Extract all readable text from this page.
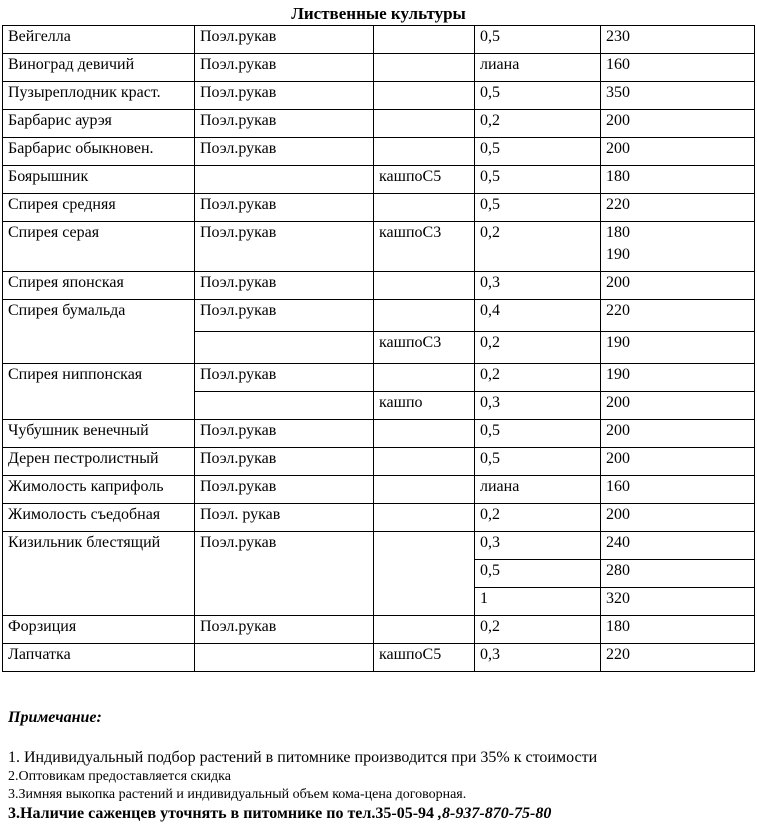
Лиственные культуры
Вейгелла	Поэл.рукав		0,5	230
Виноград девичий	Поэл.рукав		лиана	160
Пузыреплодник краст.	Поэл.рукав		0,5	350
Барбарис аурэя	Поэл.рукав		0,2	200
Барбарис обыкновен.	Поэл.рукав		0,5	200
Боярышник		кашпоС5	0,5	180
Спирея средняя	Поэл.рукав		0,5	220
Спирея серая	Поэл.рукав	кашпоС3	0,2	180
190

Спирея японская	Поэл.рукав		0,3	200
Спирея бумальда	Поэл.рукав		0,4	220
		кашпоС3	0,2	190
Спирея ниппонская	Поэл.рукав		0,2	190
		кашпо	0,3	200
Чубушник венечный	Поэл.рукав		0,5	200
Дерен пестролистный	Поэл.рукав		0,5	200
Жимолость каприфоль	Поэл.рукав		лиана	160
Жимолость съедобная	Поэл. рукав		0,2	200
Кизильник блестящий	Поэл.рукав		0,3	240
			0,5	280
			1	320
Форзиция	Поэл.рукав		0,2	180
Лапчатка		кашпоС5	0,3	220
Примечание:
1. Индивидуальный подбор растений в питомнике производится при 35% к стоимости
2.Оптовикам предоставляется скидка
3.Зимняя выкопка растений и индивидуальный объем кома-цена договорная.
3.Наличие саженцев уточнять в питомнике по тел.35-05-94 ,8-937-870-75-80
